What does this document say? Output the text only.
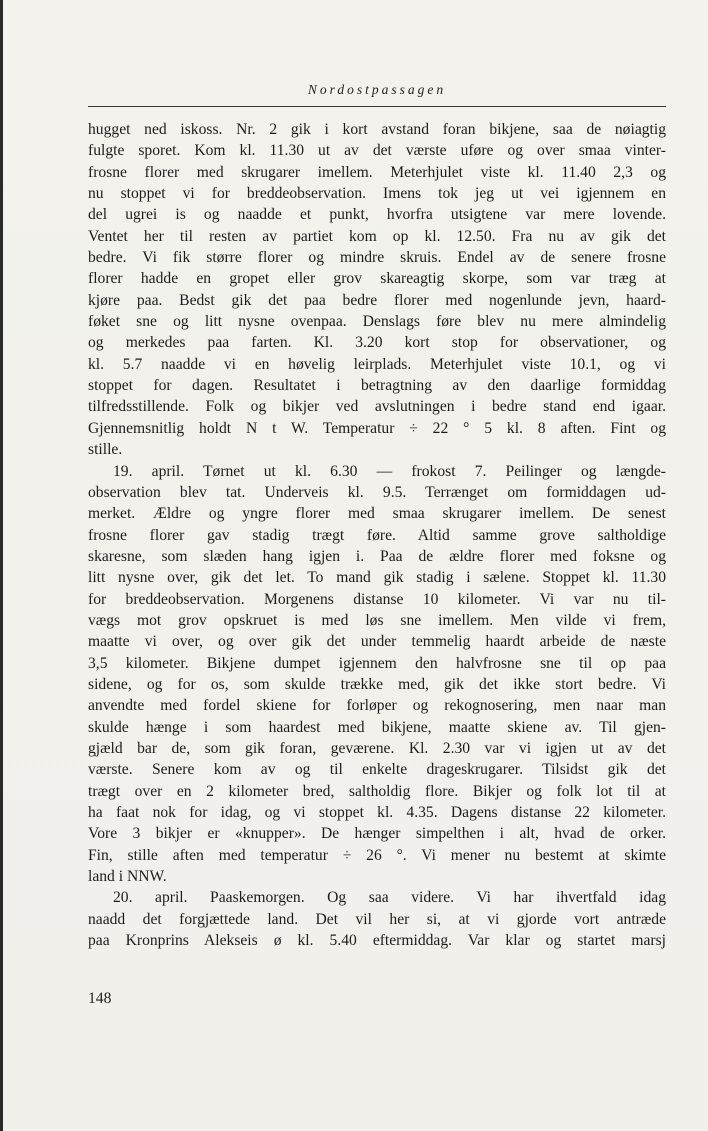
Nordostpassagen
hugget ned iskoss. Nr. 2 gik i kort avstand foran bikjene, saa de nøiagtig
fulgte sporet. Kom kl. 11.30 ut av det værste uføre og over smaa vinter-
frosne florer med skrugarer imellem. Meterhjulet viste kl. 11.40 2,3 og
nu stoppet vi for breddeobservation. Imens tok jeg ut vei igjennem en
del ugrei is og naadde et punkt, hvorfra utsigtene var mere lovende.
Ventet her til resten av partiet kom op kl. 12.50. Fra nu av gik det
bedre. Vi fik større florer og mindre skruis. Endel av de senere frosne
florer hadde en gropet eller grov skareagtig skorpe, som var træg at
kjøre paa. Bedst gik det paa bedre florer med nogenlunde jevn, haard-
føket sne og litt nysne ovenpaa. Denslags føre blev nu mere almindelig
og merkedes paa farten. Kl. 3.20 kort stop for observationer, og
kl. 5.7 naadde vi en høvelig leirplads. Meterhjulet viste 10.1, og vi
stoppet for dagen. Resultatet i betragtning av den daarlige formiddag
tilfredsstillende. Folk og bikjer ved avslutningen i bedre stand end igaar.
Gjennemsnitlig holdt N t W. Temperatur ÷ 22 ° 5 kl. 8 aften. Fint og
stille.
19. april. Tørnet ut kl. 6.30 — frokost 7. Peilinger og længde-
observation blev tat. Underveis kl. 9.5. Terrænget om formiddagen ud-
merket. Ældre og yngre florer med smaa skrugarer imellem. De senest
frosne florer gav stadig trægt føre. Altid samme grove saltholdige
skaresne, som slæden hang igjen i. Paa de ældre florer med foksne og
litt nysne over, gik det let. To mand gik stadig i sælene. Stoppet kl. 11.30
for breddeobservation. Morgenens distanse 10 kilometer. Vi var nu til-
vægs mot grov opskruet is med løs sne imellem. Men vilde vi frem,
maatte vi over, og over gik det under temmelig haardt arbeide de næste
3,5 kilometer. Bikjene dumpet igjennem den halvfrosne sne til op paa
sidene, og for os, som skulde trække med, gik det ikke stort bedre. Vi
anvendte med fordel skiene for forløper og rekognosering, men naar man
skulde hænge i som haardest med bikjene, maatte skiene av. Til gjen-
gjæld bar de, som gik foran, geværene. Kl. 2.30 var vi igjen ut av det
værste. Senere kom av og til enkelte drageskrugarer. Tilsidst gik det
trægt over en 2 kilometer bred, saltholdig flore. Bikjer og folk lot til at
ha faat nok for idag, og vi stoppet kl. 4.35. Dagens distanse 22 kilometer.
Vore 3 bikjer er «knupper». De hænger simpelthen i alt, hvad de orker.
Fin, stille aften med temperatur ÷ 26 °. Vi mener nu bestemt at skimte
land i NNW.
20. april. Paaskemorgen. Og saa videre. Vi har ihvertfald idag
naadd det forgjættede land. Det vil her si, at vi gjorde vort antræde
paa Kronprins Alekseis ø kl. 5.40 eftermiddag. Var klar og startet marsj
148
